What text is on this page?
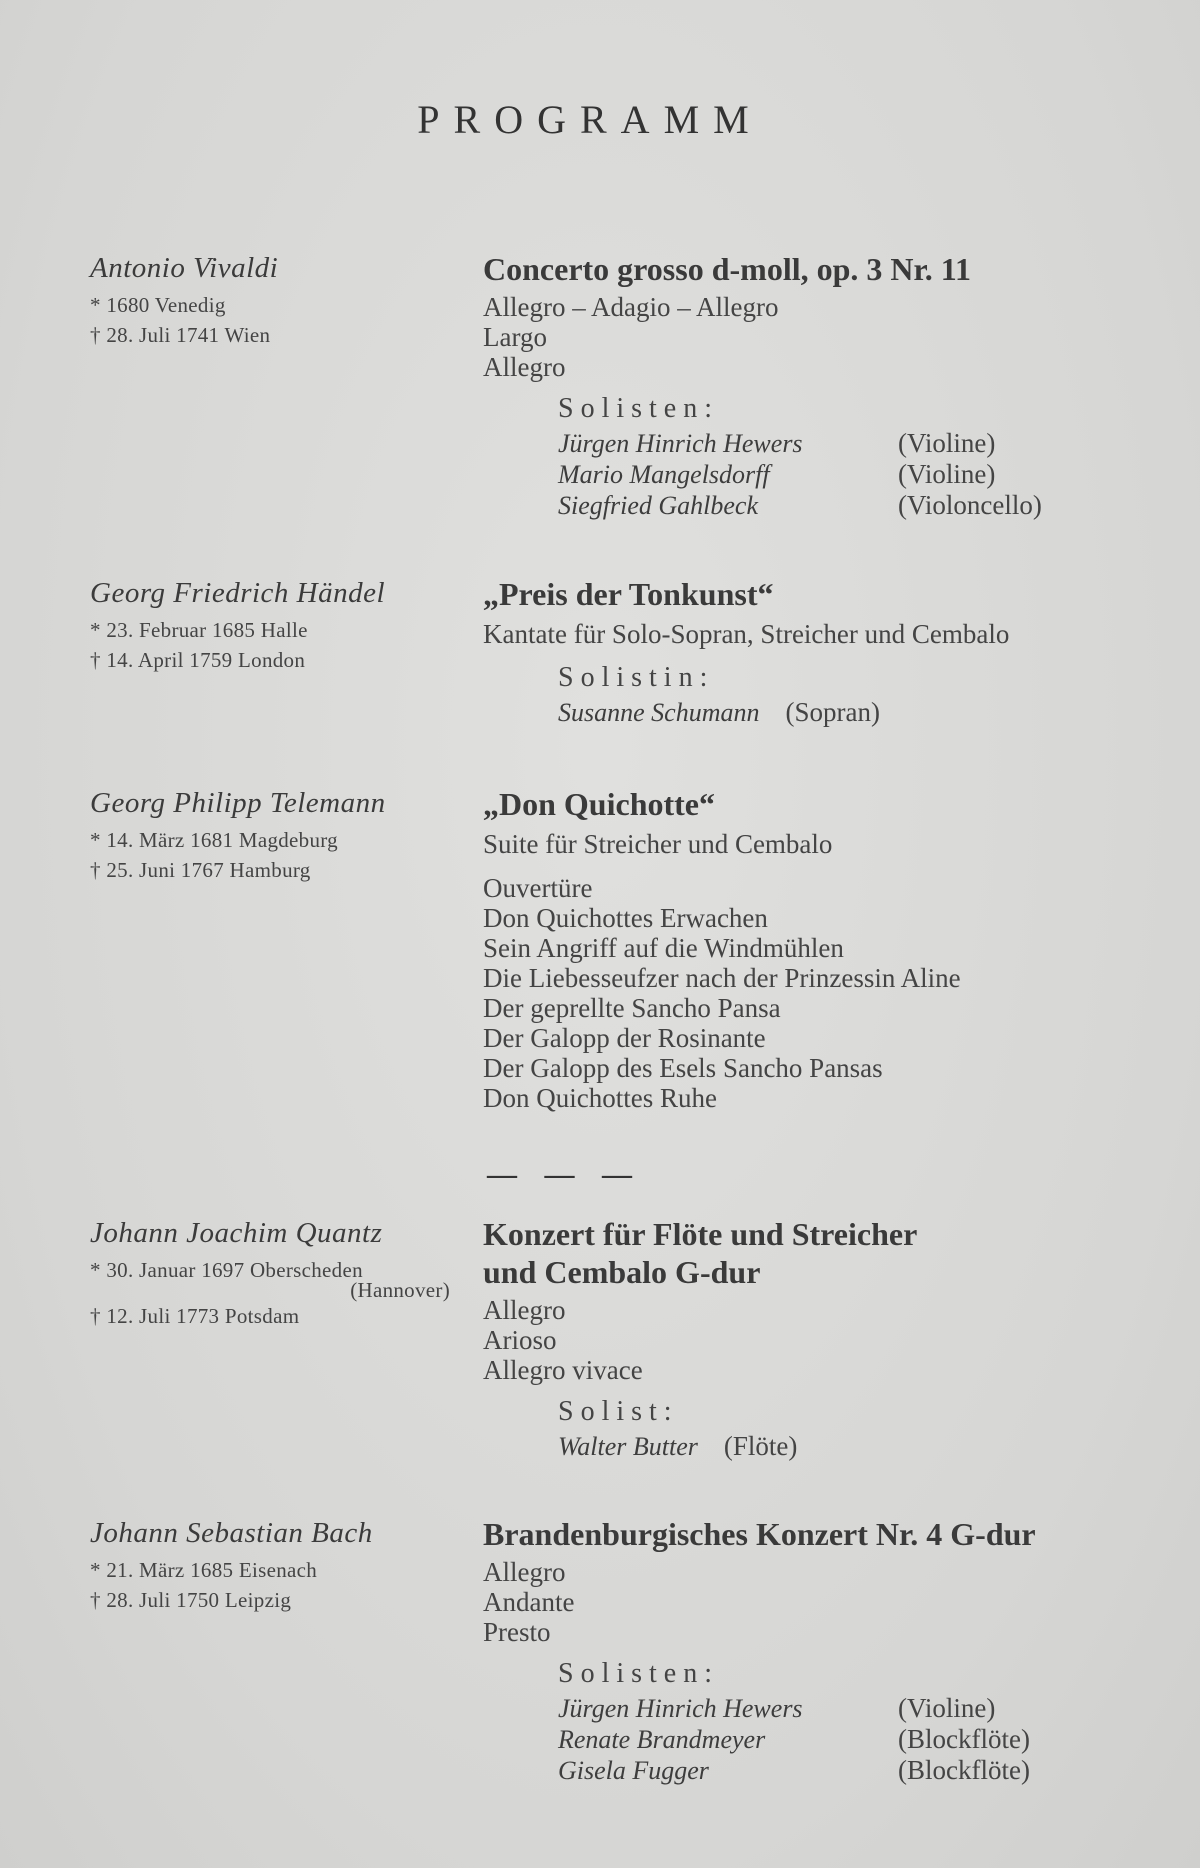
PROGRAMM
Antonio Vivaldi
* 1680 Venedig
† 28. Juli 1741 Wien
Concerto grosso d-moll, op. 3 Nr. 11
Allegro – Adagio – Allegro
Largo
Allegro
Solisten:
Jürgen Hinrich Hewers	(Violine)
Mario Mangelsdorff	(Violine)
Siegfried Gahlbeck	(Violoncello)
Georg Friedrich Händel
* 23. Februar 1685 Halle
† 14. April 1759 London
„Preis der Tonkunst“
Kantate für Solo-Sopran, Streicher und Cembalo
Solistin:
Susanne Schumann (Sopran)
Georg Philipp Telemann
* 14. März 1681 Magdeburg
† 25. Juni 1767 Hamburg
„Don Quichotte“
Suite für Streicher und Cembalo
Ouvertüre
Don Quichottes Erwachen
Sein Angriff auf die Windmühlen
Die Liebesseufzer nach der Prinzessin Aline
Der geprellte Sancho Pansa
Der Galopp der Rosinante
Der Galopp des Esels Sancho Pansas
Don Quichottes Ruhe
— — —
Johann Joachim Quantz
* 30. Januar 1697 Oberscheden
(Hannover)
† 12. Juli 1773 Potsdam
Konzert für Flöte und Streicher
und Cembalo G-dur
Allegro
Arioso
Allegro vivace
Solist:
Walter Butter (Flöte)
Johann Sebastian Bach
* 21. März 1685 Eisenach
† 28. Juli 1750 Leipzig
Brandenburgisches Konzert Nr. 4 G-dur
Allegro
Andante
Presto
Solisten:
Jürgen Hinrich Hewers	(Violine)
Renate Brandmeyer	(Blockflöte)
Gisela Fugger	(Blockflöte)
